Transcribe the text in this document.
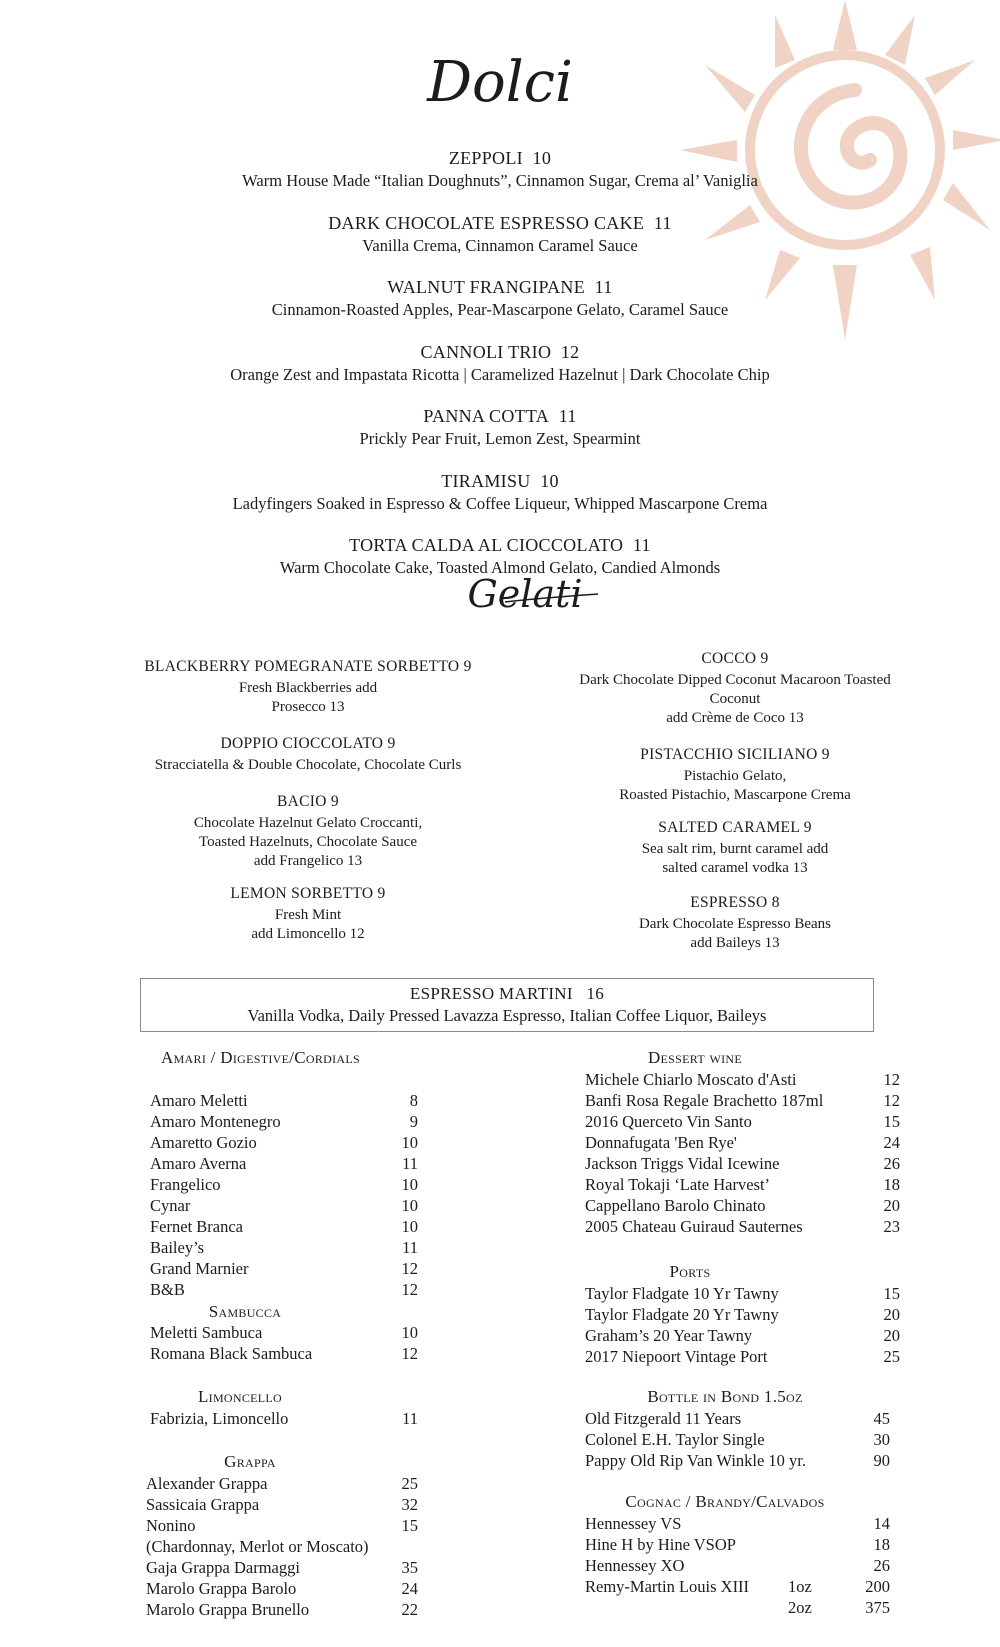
Dolci
ZEPPOLI 10
Warm House Made “Italian Doughnuts”, Cinnamon Sugar, Crema al’ Vaniglia
DARK CHOCOLATE ESPRESSO CAKE 11
Vanilla Crema, Cinnamon Caramel Sauce
WALNUT FRANGIPANE 11
Cinnamon-Roasted Apples, Pear-Mascarpone Gelato, Caramel Sauce
CANNOLI TRIO 12
Orange Zest and Impastata Ricotta | Caramelized Hazelnut | Dark Chocolate Chip
PANNA COTTA 11
Prickly Pear Fruit, Lemon Zest, Spearmint
TIRAMISU 10
Ladyfingers Soaked in Espresso & Coffee Liqueur, Whipped Mascarpone Crema
TORTA CALDA AL CIOCCOLATO 11
Warm Chocolate Cake, Toasted Almond Gelato, Candied Almonds
Gelati
BLACKBERRY POMEGRANATE SORBETTO 9
Fresh Blackberries add
Prosecco 13
DOPPIO CIOCCOLATO 9
Stracciatella & Double Chocolate, Chocolate Curls
BACIO 9
Chocolate Hazelnut Gelato Croccanti,
Toasted Hazelnuts, Chocolate Sauce
add Frangelico 13
LEMON SORBETTO 9
Fresh Mint
add Limoncello 12
COCCO 9
Dark Chocolate Dipped Coconut Macaroon Toasted
Coconut
add Crème de Coco 13
PISTACCHIO SICILIANO 9
Pistachio Gelato,
Roasted Pistachio, Mascarpone Crema
SALTED CARAMEL 9
Sea salt rim, burnt caramel add
salted caramel vodka 13
ESPRESSO 8
Dark Chocolate Espresso Beans
add Baileys 13
ESPRESSO MARTINI 16
Vanilla Vodka, Daily Pressed Lavazza Espresso, Italian Coffee Liquor, Baileys
Amari / Digestive/Cordials
Amaro Meletti	8
Amaro Montenegro	9
Amaretto Gozio	10
Amaro Averna	11
Frangelico	10
Cynar	10
Fernet Branca	10
Bailey’s	11
Grand Marnier	12
B&B	12
Sambucca
Meletti Sambuca	10
Romana Black Sambuca	12
Limoncello
Fabrizia, Limoncello	11
Grappa
Alexander Grappa	25
Sassicaia Grappa	32
Nonino	15
(Chardonnay, Merlot or Moscato)
Gaja Grappa Darmaggi	35
Marolo Grappa Barolo	24
Marolo Grappa Brunello	22
Dessert wine
Michele Chiarlo Moscato d'Asti	12
Banfi Rosa Regale Brachetto 187ml	12
2016 Querceto Vin Santo	15
Donnafugata 'Ben Rye'	24
Jackson Triggs Vidal Icewine	26
Royal Tokaji ‘Late Harvest’	18
Cappellano Barolo Chinato	20
2005 Chateau Guiraud Sauternes	23
Ports
Taylor Fladgate 10 Yr Tawny	15
Taylor Fladgate 20 Yr Tawny	20
Graham’s 20 Year Tawny	20
2017 Niepoort Vintage Port	25
Bottle in Bond 1.5oz
Old Fitzgerald 11 Years	45
Colonel E.H. Taylor Single	30
Pappy Old Rip Van Winkle 10 yr.	90
Cognac / Brandy/Calvados
Hennessey VS	14
Hine H by Hine VSOP	18
Hennessey XO	26
Remy-Martin Louis XIII 1oz	200
2oz	375
